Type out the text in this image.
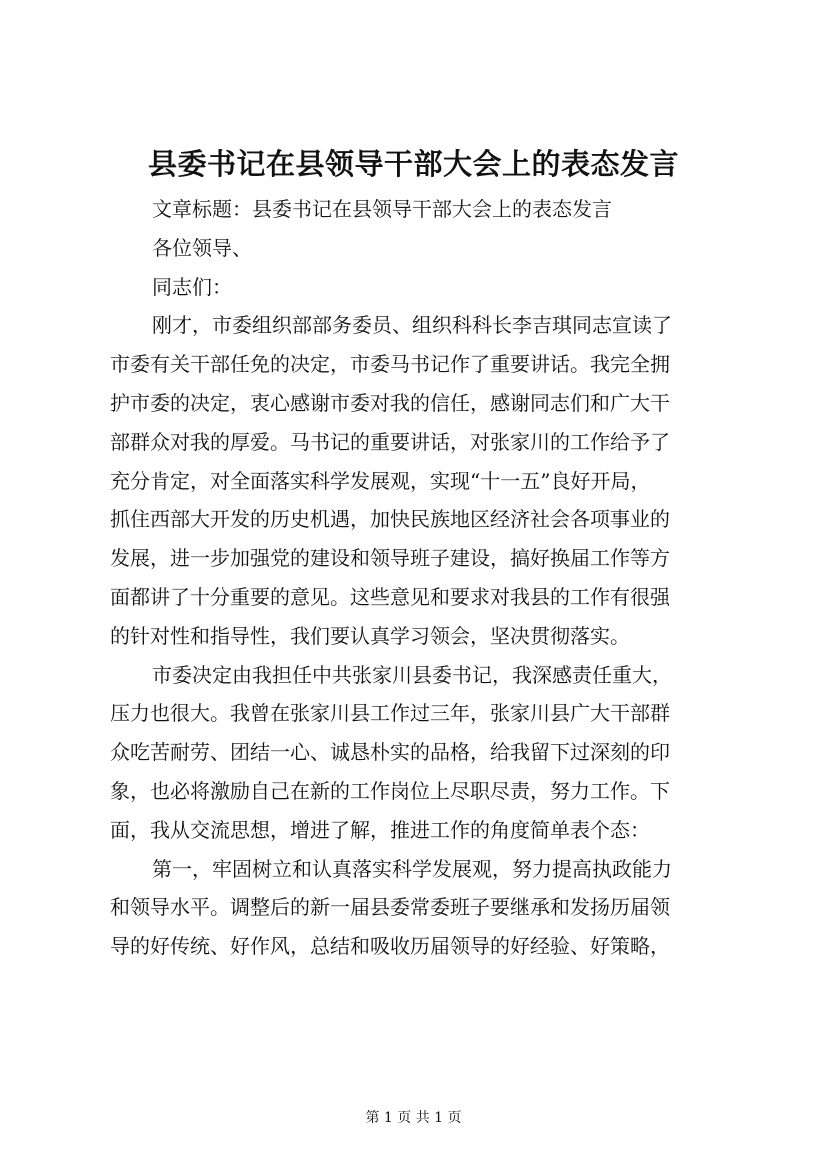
县委书记在县领导干部大会上的表态发言
文章标题：县委书记在县领导干部大会上的表态发言
各位领导、
同志们：
刚才，市委组织部部务委员、组织科科长李吉琪同志宣读了
市委有关干部任免的决定，市委马书记作了重要讲话。我完全拥
护市委的决定，衷心感谢市委对我的信任，感谢同志们和广大干
部群众对我的厚爱。马书记的重要讲话，对张家川的工作给予了
充分肯定，对全面落实科学发展观，实现“十一五”良好开局，
抓住西部大开发的历史机遇，加快民族地区经济社会各项事业的
发展，进一步加强党的建设和领导班子建设，搞好换届工作等方
面都讲了十分重要的意见。这些意见和要求对我县的工作有很强
的针对性和指导性，我们要认真学习领会，坚决贯彻落实。
市委决定由我担任中共张家川县委书记，我深感责任重大，
压力也很大。我曾在张家川县工作过三年，张家川县广大干部群
众吃苦耐劳、团结一心、诚恳朴实的品格，给我留下过深刻的印
象，也必将激励自己在新的工作岗位上尽职尽责，努力工作。下
面，我从交流思想，增进了解，推进工作的角度简单表个态：
第一，牢固树立和认真落实科学发展观，努力提高执政能力
和领导水平。调整后的新一届县委常委班子要继承和发扬历届领
导的好传统、好作风，总结和吸收历届领导的好经验、好策略，
第 1 页 共 1 页
